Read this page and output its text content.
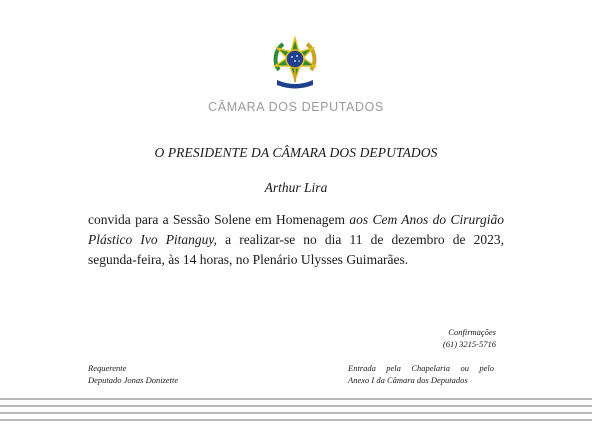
CÂMARA DOS DEPUTADOS
O PRESIDENTE DA CÂMARA DOS DEPUTADOS
Arthur Lira
convida para a Sessão Solene em Homenagem aos Cem Anos do Cirurgião Plástico Ivo Pitanguy, a realizar-se no dia 11 de dezembro de 2023, segunda-feira, às 14 horas, no Plenário Ulysses Guimarães.
Confirmações
(61) 3215-5716
Requerente
Deputado Jonas Donizette
Entrada pela Chapelaria ou pelo
Anexo I da Câmara dos Deputados
